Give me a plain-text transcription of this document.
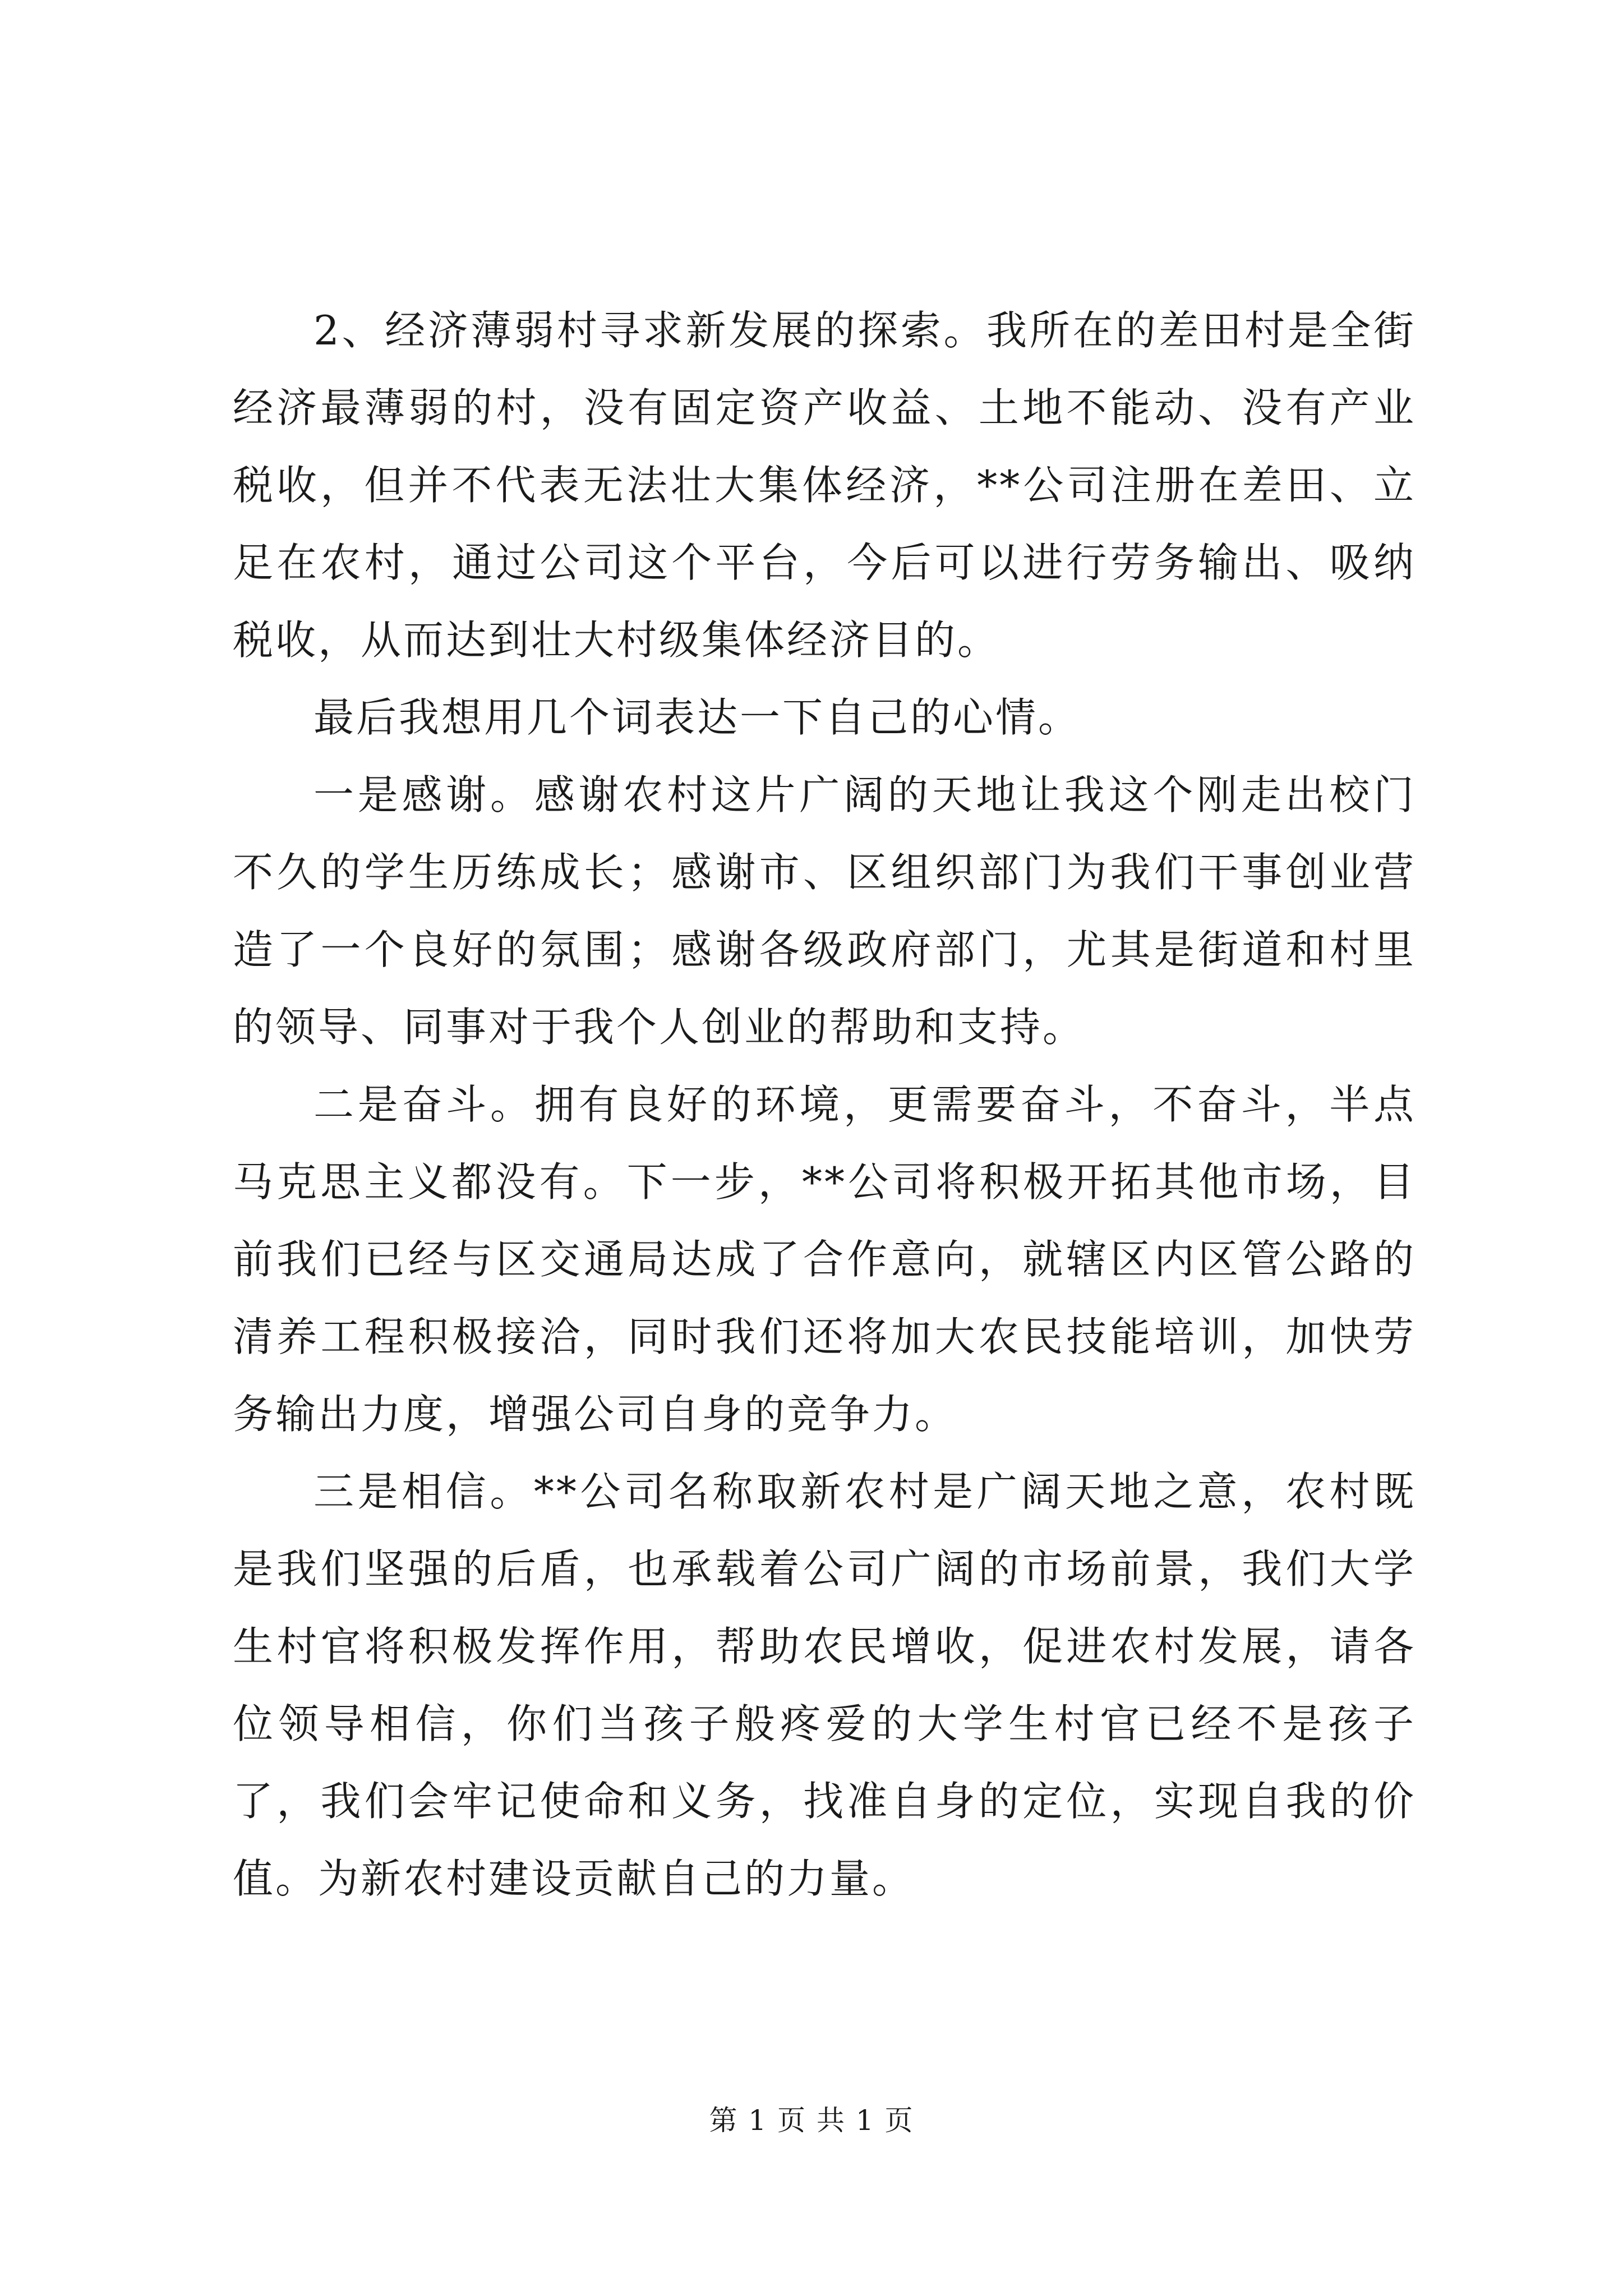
2、经济薄弱村寻求新发展的探索。我所在的差田村是全街经济最薄弱的村，没有固定资产收益、土地不能动、没有产业税收，但并不代表无法壮大集体经济，**公司注册在差田、立足在农村，通过公司这个平台，今后可以进行劳务输出、吸纳税收，从而达到壮大村级集体经济目的。

最后我想用几个词表达一下自己的心情。

一是感谢。感谢农村这片广阔的天地让我这个刚走出校门不久的学生历练成长；感谢市、区组织部门为我们干事创业营造了一个良好的氛围；感谢各级政府部门，尤其是街道和村里的领导、同事对于我个人创业的帮助和支持。

二是奋斗。拥有良好的环境，更需要奋斗，不奋斗，半点马克思主义都没有。下一步，**公司将积极开拓其他市场，目前我们已经与区交通局达成了合作意向，就辖区内区管公路的清养工程积极接洽，同时我们还将加大农民技能培训，加快劳务输出力度，增强公司自身的竞争力。

三是相信。**公司名称取新农村是广阔天地之意，农村既是我们坚强的后盾，也承载着公司广阔的市场前景，我们大学生村官将积极发挥作用，帮助农民增收，促进农村发展，请各位领导相信，你们当孩子般疼爱的大学生村官已经不是孩子了，我们会牢记使命和义务，找准自身的定位，实现自我的价值。为新农村建设贡献自己的力量。

第 1 页 共 1 页
